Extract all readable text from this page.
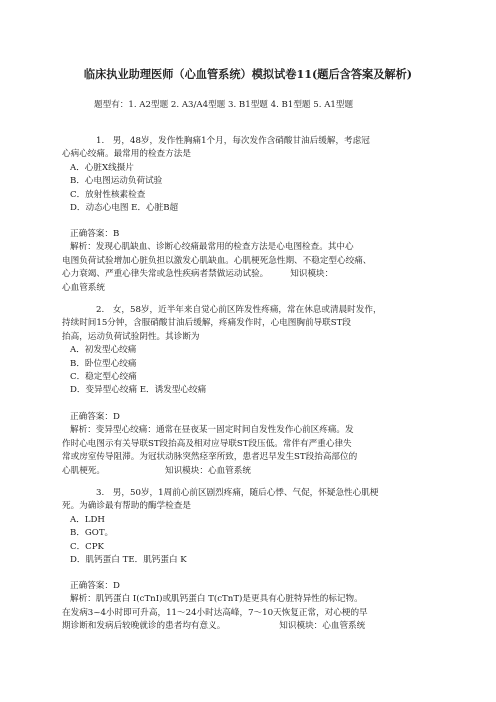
临床执业助理医师（心血管系统）模拟试卷11(题后含答案及解析)
题型有：1. A2型题 2. A3/A4型题 3. B1型题 4. B1型题 5. A1型题

1.　男，48岁，发作性胸痛1个月，每次发作含硝酸甘油后缓解，考虑冠

心病心绞痛。最常用的检查方法是

A．心脏X线摄片

B．心电图运动负荷试验

C．放射性核素检查

D．动态心电图 E．心脏B超

正确答案：B

解析：发现心肌缺血、诊断心绞痛最常用的检查方法是心电图检查。其中心

电图负荷试验增加心脏负担以激发心肌缺血。心肌梗死急性期、不稳定型心绞痛、

心力衰竭、严重心律失常或急性疾病者禁做运动试验。	知识模块：

心血管系统

2.　女，58岁，近半年来自觉心前区阵发性疼痛，常在休息或清晨时发作，

持续时间15分钟，含服硝酸甘油后缓解，疼痛发作时，心电图胸前导联ST段

抬高，运动负荷试验阴性。其诊断为

A．初发型心绞痛

B．卧位型心绞痛

C．稳定型心绞痛

D．变异型心绞痛 E．诱发型心绞痛

正确答案：D

解析：变异型心绞痛：通常在昼夜某一固定时间自发性发作心前区疼痛。发

作时心电图示有关导联ST段抬高及相对应导联ST段压低。常伴有严重心律失

常或房室传导阻滞。为冠状动脉突然痉挛所致，患者迟早发生ST段抬高部位的

心肌梗死。	知识模块：心血管系统

3.　男，50岁，1周前心前区剧烈疼痛，随后心悸、气促，怀疑急性心肌梗

死。为确诊最有帮助的酶学检查是

A．LDH

B．GOT。

C．CPK

D．肌钙蛋白 TE．肌钙蛋白 K

正确答案：D

解析：肌钙蛋白 I(cTnI)或肌钙蛋白 T(cTnT)是更具有心脏特异性的标记物。

在发病3~4小时即可升高，11～24小时达高峰，7～10天恢复正常，对心梗的早

期诊断和发病后较晚就诊的患者均有意义。	知识模块：心血管系统
